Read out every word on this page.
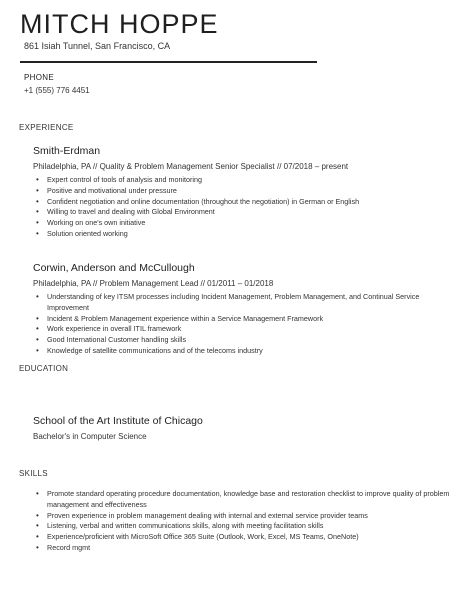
MITCH HOPPE
861 Isiah Tunnel, San Francisco, CA
PHONE
+1 (555) 776 4451
EXPERIENCE
Smith-Erdman
Philadelphia, PA // Quality & Problem Management Senior Specialist // 07/2018 – present
• Expert control of tools of analysis and monitoring
• Positive and motivational under pressure
• Confident negotiation and online documentation (throughout the negotiation) in German or English
• Willing to travel and dealing with Global Environment
• Working on one's own initiative
• Solution oriented working
Corwin, Anderson and McCullough
Philadelphia, PA // Problem Management Lead // 01/2011 – 01/2018
• Understanding of key ITSM processes including Incident Management, Problem Management, and Continual Service Improvement
• Incident & Problem Management experience within a Service Management Framework
• Work experience in overall ITIL framework
• Good International Customer handling skills
• Knowledge of satellite communications and of the telecoms industry
EDUCATION
School of the Art Institute of Chicago
Bachelor's in Computer Science
SKILLS
• Promote standard operating procedure documentation, knowledge base and restoration checklist to improve quality of problem management and effectiveness
• Proven experience in problem management dealing with internal and external service provider teams
• Listening, verbal and written communications skills, along with meeting facilitation skills
• Experience/proficient with MicroSoft Office 365 Suite (Outlook, Work, Excel, MS Teams, OneNote)
• Record mgmt
